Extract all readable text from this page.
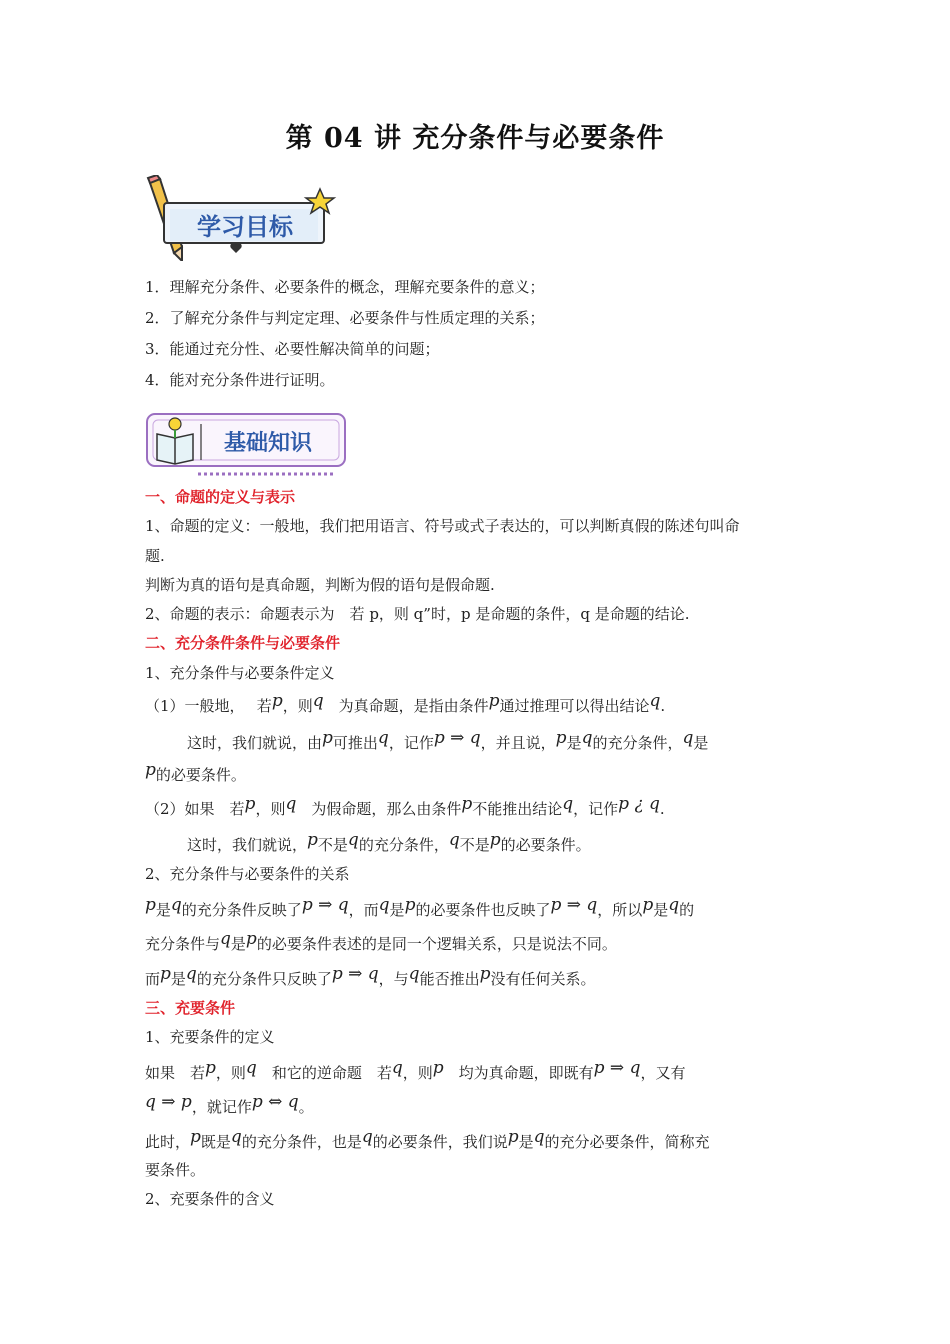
第 04 讲 充分条件与必要条件
学习目标
1．理解充分条件、必要条件的概念，理解充要条件的意义；
2．了解充分条件与判定定理、必要条件与性质定理的关系；
3．能通过充分性、必要性解决简单的问题；
4．能对充分条件进行证明。
基础知识
一、命题的定义与表示
1、命题的定义：一般地，我们把用语言、符号或式子表达的，可以判断真假的陈述句叫命
题.
判断为真的语句是真命题，判断为假的语句是假命题.
2、命题的表示：命题表示为　若 p，则 q”时，p 是命题的条件，q 是命题的结论.
二、充分条件条件与必要条件
1、充分条件与必要条件定义
（1）一般地，　 若p，则q　为真命题，是指由条件p通过推理可以得出结论q.
这时，我们就说，由p可推出q，记作p ⇒ q，并且说，p是q的充分条件，q是
p的必要条件。
（2）如果　若p，则q　为假命题，那么由条件p不能推出结论q，记作p ¿ q.
这时，我们就说，p不是q的充分条件，q不是p的必要条件。
2、充分条件与必要条件的关系
p是q的充分条件反映了p ⇒ q，而q是p的必要条件也反映了p ⇒ q，所以p是q的
充分条件与q是p的必要条件表述的是同一个逻辑关系，只是说法不同。
而p是q的充分条件只反映了p ⇒ q，与q能否推出p没有任何关系。
三、充要条件
1、充要条件的定义
如果　若p，则q　和它的逆命题　若q，则p　均为真命题，即既有p ⇒ q，又有
q ⇒ p，就记作p ⇔ q。
此时，p既是q的充分条件，也是q的必要条件，我们说p是q的充分必要条件，简称充
要条件。
2、充要条件的含义
